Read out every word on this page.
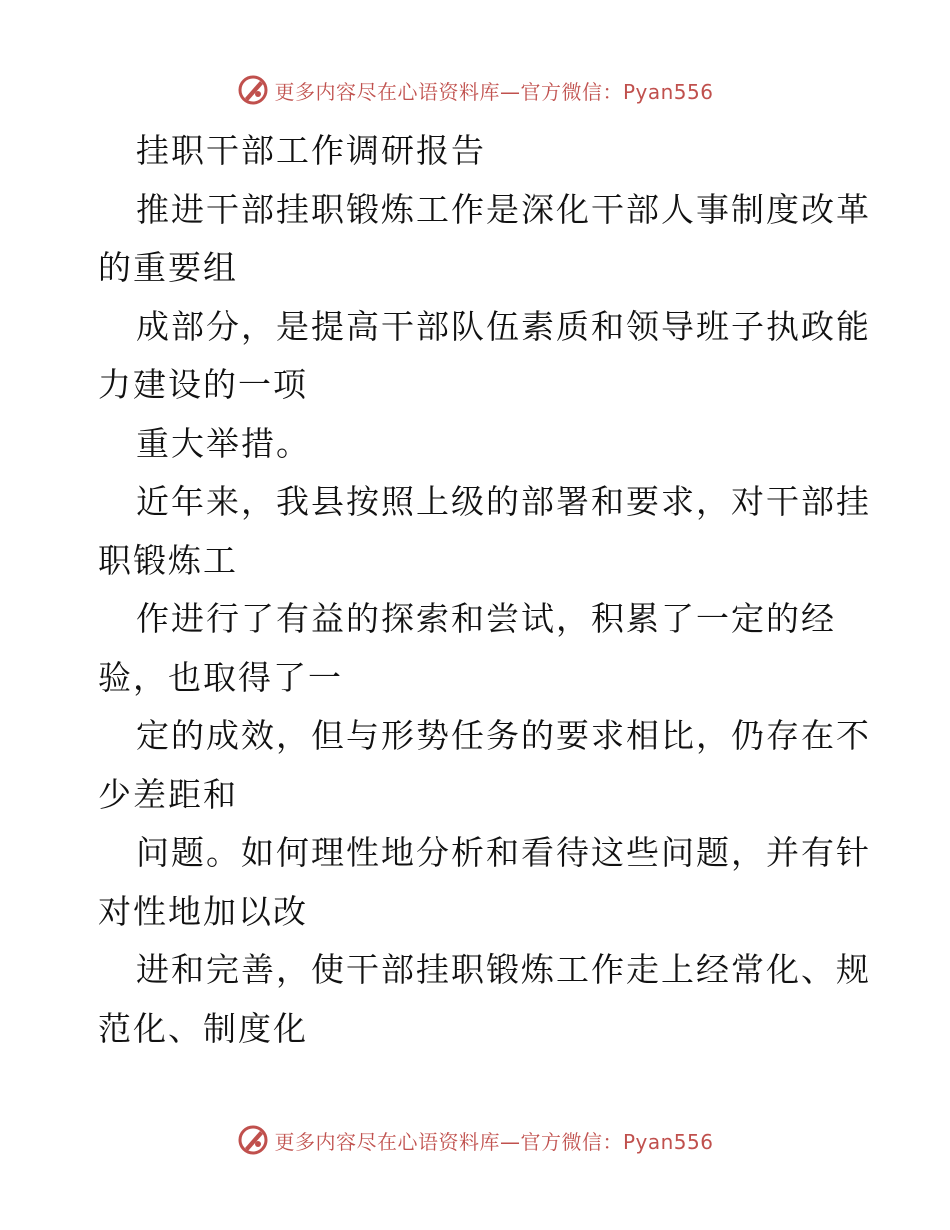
更多内容尽在心语资料库—官方微信：Pyan556
挂职干部工作调研报告
推进干部挂职锻炼工作是深化干部人事制度改革
的重要组
成部分，是提高干部队伍素质和领导班子执政能
力建设的一项
重大举措。
近年来，我县按照上级的部署和要求，对干部挂
职锻炼工
作进行了有益的探索和尝试，积累了一定的经
验，也取得了一
定的成效，但与形势任务的要求相比，仍存在不
少差距和
问题。如何理性地分析和看待这些问题，并有针
对性地加以改
进和完善，使干部挂职锻炼工作走上经常化、规
范化、制度化
更多内容尽在心语资料库—官方微信：Pyan556
